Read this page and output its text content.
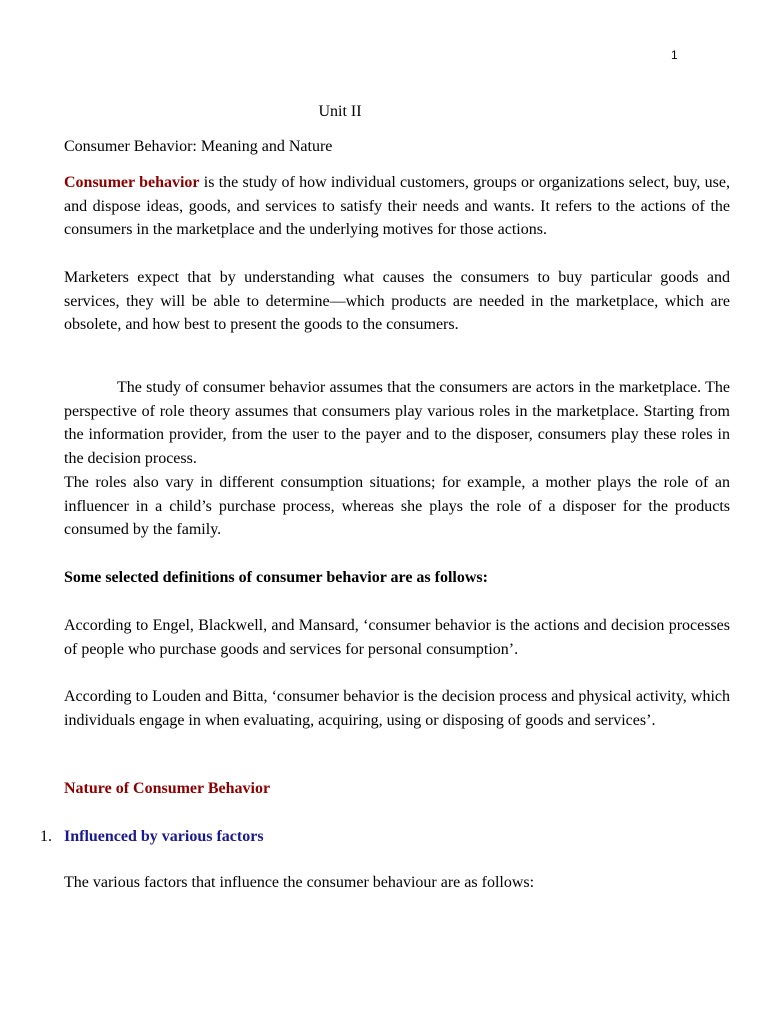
1
Unit II
Consumer Behavior: Meaning and Nature

Consumer behavior is the study of how individual customers, groups or organizations select, buy, use, and dispose ideas, goods, and services to satisfy their needs and wants. It refers to the actions of the consumers in the marketplace and the underlying motives for those actions.

Marketers expect that by understanding what causes the consumers to buy particular goods and services, they will be able to determine—which products are needed in the marketplace, which are obsolete, and how best to present the goods to the consumers.

The study of consumer behavior assumes that the consumers are actors in the marketplace. The perspective of role theory assumes that consumers play various roles in the marketplace. Starting from the information provider, from the user to the payer and to the disposer, consumers play these roles in the decision process.

The roles also vary in different consumption situations; for example, a mother plays the role of an influencer in a child’s purchase process, whereas she plays the role of a disposer for the products consumed by the family.

Some selected definitions of consumer behavior are as follows:

According to Engel, Blackwell, and Mansard, ‘consumer behavior is the actions and decision processes of people who purchase goods and services for personal consumption’.

According to Louden and Bitta, ‘consumer behavior is the decision process and physical activity, which individuals engage in when evaluating, acquiring, using or disposing of goods and services’.

Nature of Consumer Behavior
1. Influenced by various factors

The various factors that influence the consumer behaviour are as follows:
